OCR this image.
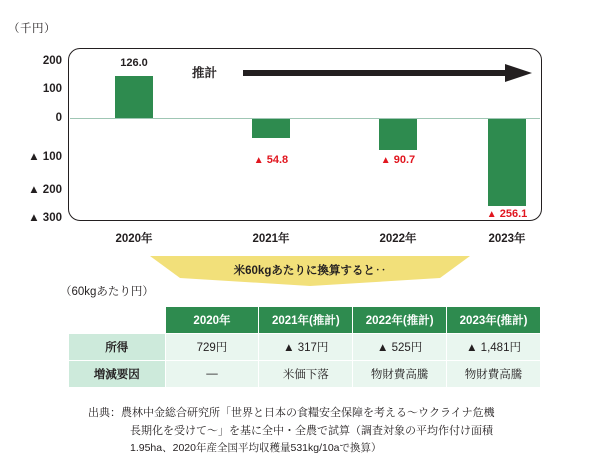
（千円）
200
100
0
▲ 100
▲ 200
▲ 300
推計
126.0
▲ 54.8	▲ 90.7
▲ 256.1
2020年	2021年	2022年	2023年
米60kgあたりに換算すると‥
（60kgあたり円）
	2020年	2021年(推計)	2022年(推計)	2023年(推計)
所得	729円	▲ 317円	▲ 525円	▲ 1,481円
増減要因	—	米価下落	物財費高騰	物財費高騰
出典：農林中金総合研究所「世界と日本の食糧安全保障を考える～ウクライナ危機
長期化を受けて～」を基に全中・全農で試算（調査対象の平均作付け面積
1.95ha、2020年産全国平均収穫量531kg/10aで換算）
